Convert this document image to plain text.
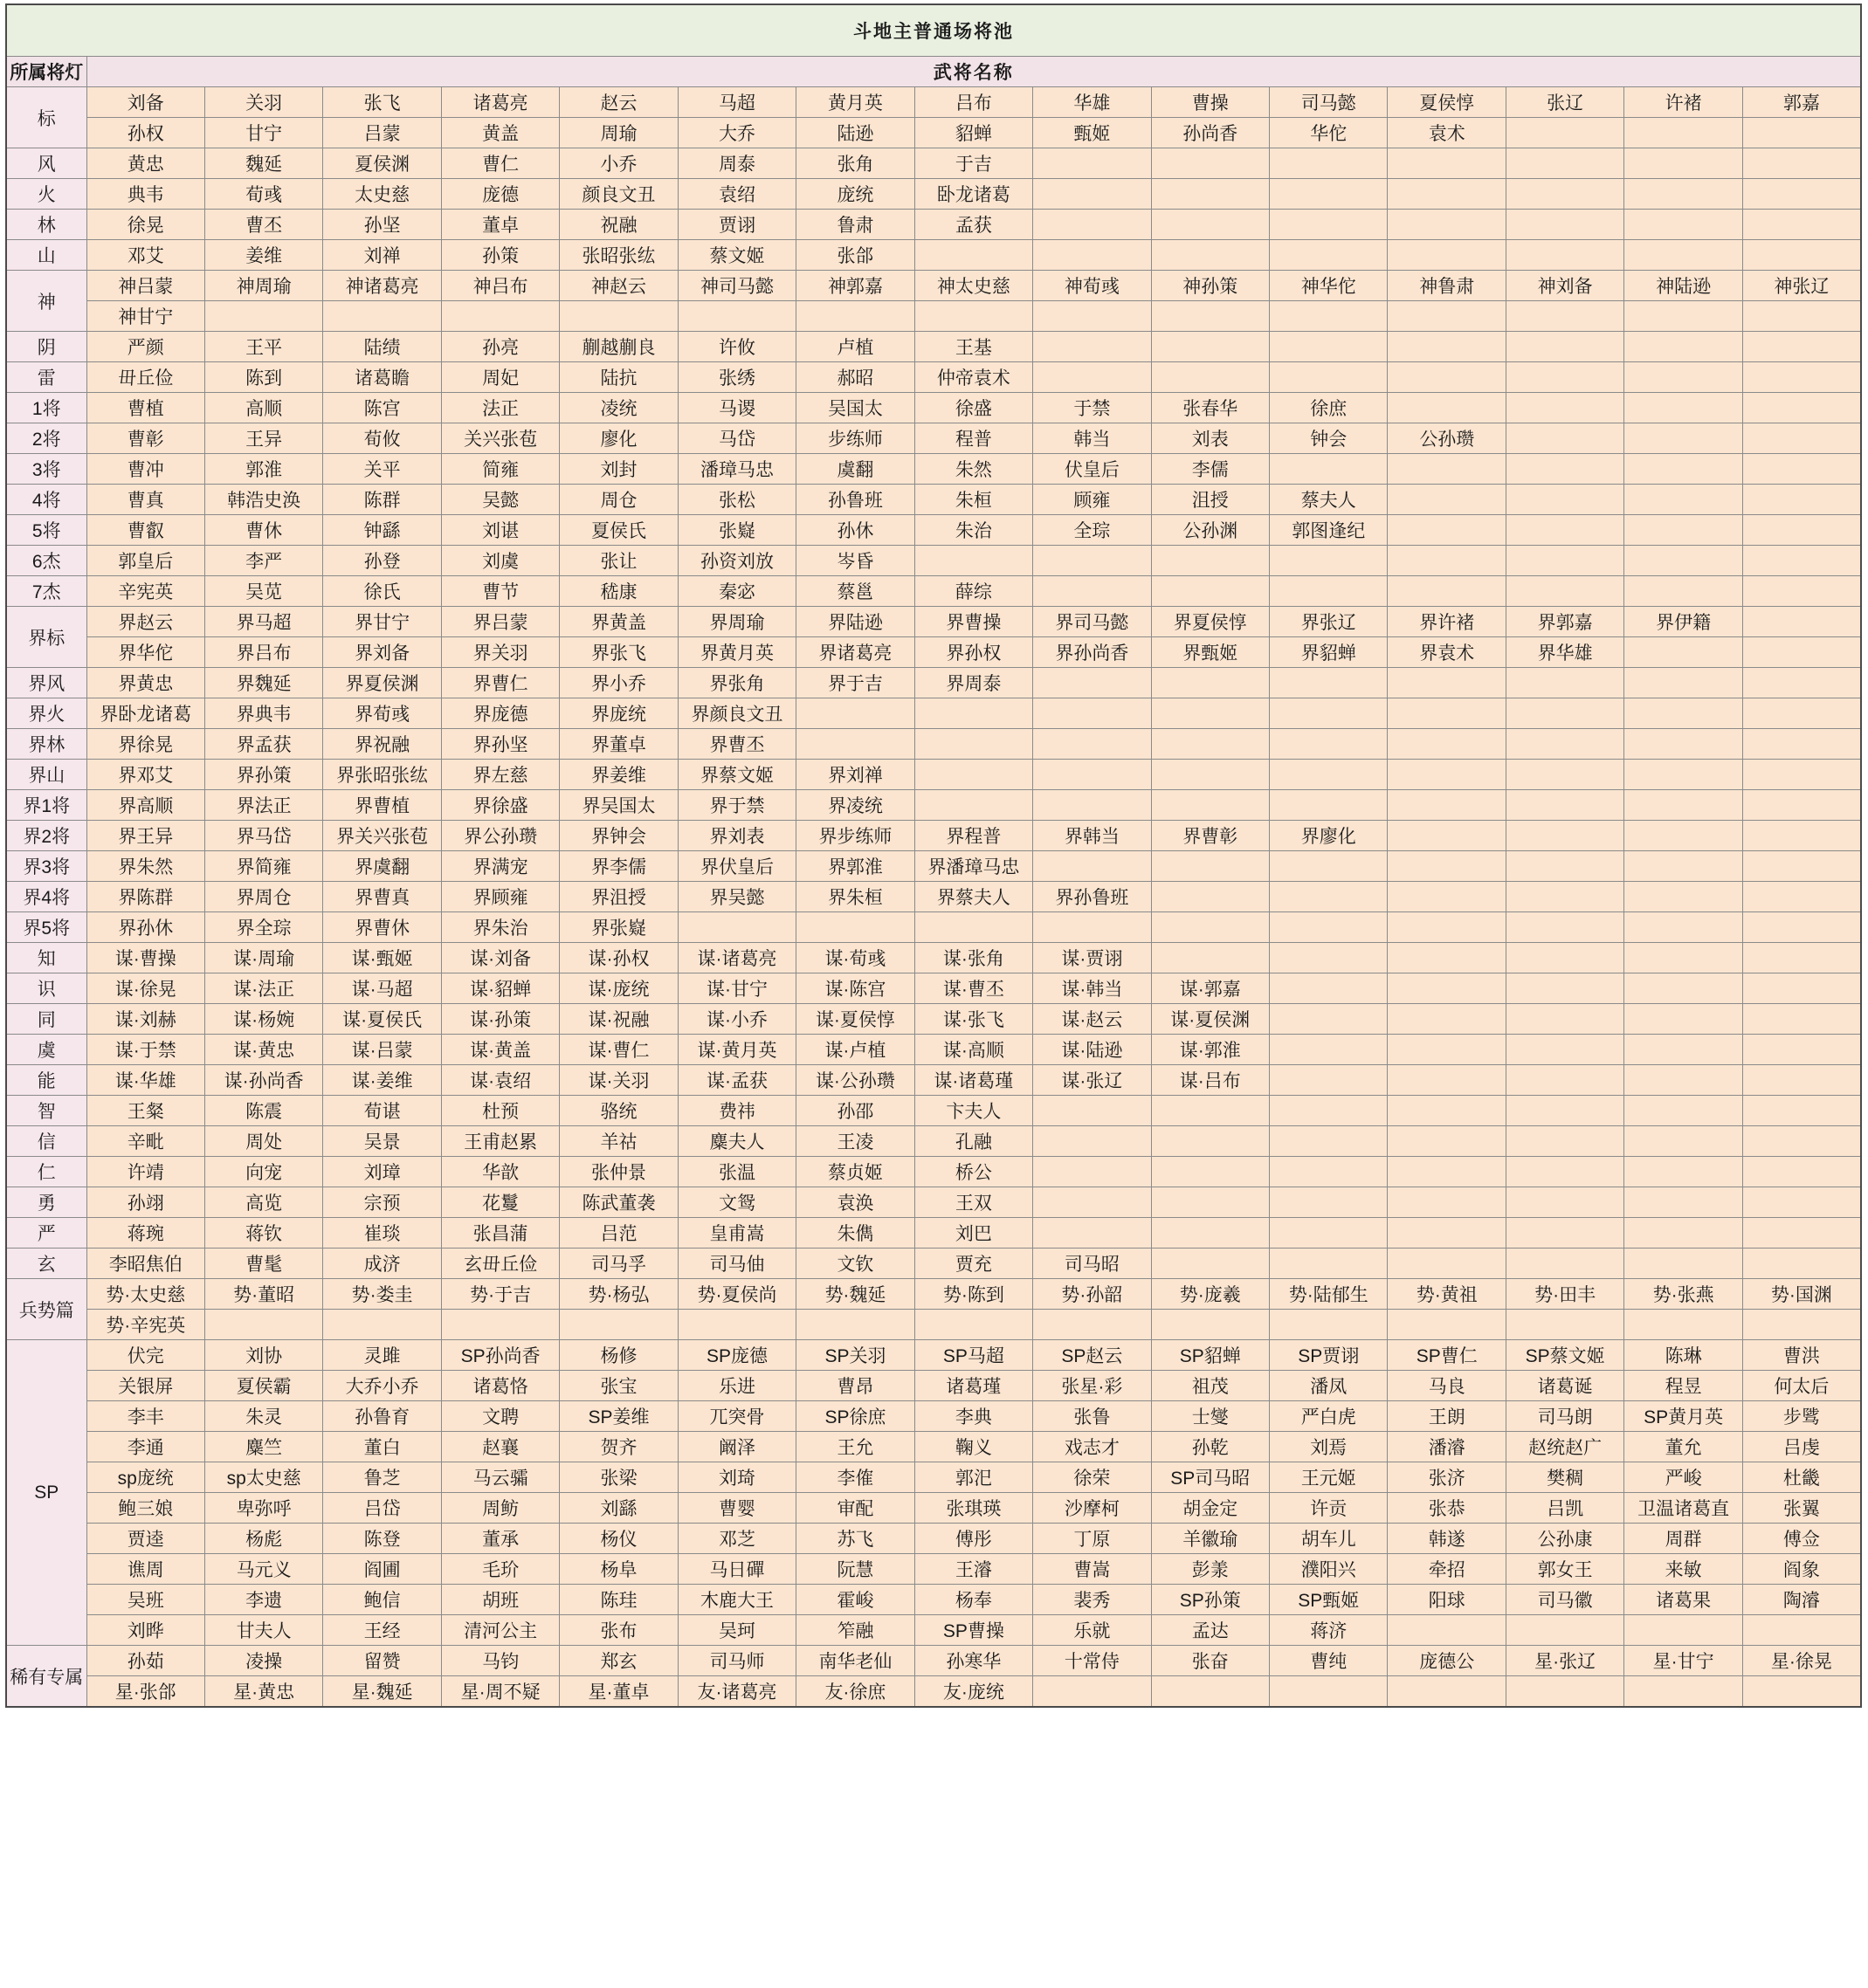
斗地主普通场将池															
所属将灯	武将名称														
标	刘备	关羽	张飞	诸葛亮	赵云	马超	黄月英	吕布	华雄	曹操	司马懿	夏侯惇	张辽	许褚	郭嘉
	孙权	甘宁	吕蒙	黄盖	周瑜	大乔	陆逊	貂蝉	甄姬	孙尚香	华佗	袁术			
风	黄忠	魏延	夏侯渊	曹仁	小乔	周泰	张角	于吉							
火	典韦	荀彧	太史慈	庞德	颜良文丑	袁绍	庞统	卧龙诸葛							
林	徐晃	曹丕	孙坚	董卓	祝融	贾诩	鲁肃	孟获							
山	邓艾	姜维	刘禅	孙策	张昭张纮	蔡文姬	张郃								
神	神吕蒙	神周瑜	神诸葛亮	神吕布	神赵云	神司马懿	神郭嘉	神太史慈	神荀彧	神孙策	神华佗	神鲁肃	神刘备	神陆逊	神张辽
	神甘宁														
阴	严颜	王平	陆绩	孙亮	蒯越蒯良	许攸	卢植	王基							
雷	毌丘俭	陈到	诸葛瞻	周妃	陆抗	张绣	郝昭	仲帝袁术							
1将	曹植	高顺	陈宫	法正	凌统	马谡	吴国太	徐盛	于禁	张春华	徐庶				
2将	曹彰	王异	荀攸	关兴张苞	廖化	马岱	步练师	程普	韩当	刘表	钟会	公孙瓒			
3将	曹冲	郭淮	关平	简雍	刘封	潘璋马忠	虞翻	朱然	伏皇后	李儒					
4将	曹真	韩浩史涣	陈群	吴懿	周仓	张松	孙鲁班	朱桓	顾雍	沮授	蔡夫人				
5将	曹叡	曹休	钟繇	刘谌	夏侯氏	张嶷	孙休	朱治	全琮	公孙渊	郭图逢纪				
6杰	郭皇后	李严	孙登	刘虞	张让	孙资刘放	岑昏								
7杰	辛宪英	吴苋	徐氏	曹节	嵇康	秦宓	蔡邕	薛综							
界标	界赵云	界马超	界甘宁	界吕蒙	界黄盖	界周瑜	界陆逊	界曹操	界司马懿	界夏侯惇	界张辽	界许褚	界郭嘉	界伊籍	
	界华佗	界吕布	界刘备	界关羽	界张飞	界黄月英	界诸葛亮	界孙权	界孙尚香	界甄姬	界貂蝉	界袁术	界华雄		
界风	界黄忠	界魏延	界夏侯渊	界曹仁	界小乔	界张角	界于吉	界周泰							
界火	界卧龙诸葛	界典韦	界荀彧	界庞德	界庞统	界颜良文丑									
界林	界徐晃	界孟获	界祝融	界孙坚	界董卓	界曹丕									
界山	界邓艾	界孙策	界张昭张纮	界左慈	界姜维	界蔡文姬	界刘禅								
界1将	界高顺	界法正	界曹植	界徐盛	界吴国太	界于禁	界凌统								
界2将	界王异	界马岱	界关兴张苞	界公孙瓒	界钟会	界刘表	界步练师	界程普	界韩当	界曹彰	界廖化				
界3将	界朱然	界简雍	界虞翻	界满宠	界李儒	界伏皇后	界郭淮	界潘璋马忠							
界4将	界陈群	界周仓	界曹真	界顾雍	界沮授	界吴懿	界朱桓	界蔡夫人	界孙鲁班						
界5将	界孙休	界全琮	界曹休	界朱治	界张嶷										
知	谋·曹操	谋·周瑜	谋·甄姬	谋·刘备	谋·孙权	谋·诸葛亮	谋·荀彧	谋·张角	谋·贾诩						
识	谋·徐晃	谋·法正	谋·马超	谋·貂蝉	谋·庞统	谋·甘宁	谋·陈宫	谋·曹丕	谋·韩当	谋·郭嘉					
同	谋·刘赫	谋·杨婉	谋·夏侯氏	谋·孙策	谋·祝融	谋·小乔	谋·夏侯惇	谋·张飞	谋·赵云	谋·夏侯渊					
虞	谋·于禁	谋·黄忠	谋·吕蒙	谋·黄盖	谋·曹仁	谋·黄月英	谋·卢植	谋·高顺	谋·陆逊	谋·郭淮					
能	谋·华雄	谋·孙尚香	谋·姜维	谋·袁绍	谋·关羽	谋·孟获	谋·公孙瓒	谋·诸葛瑾	谋·张辽	谋·吕布					
智	王粲	陈震	荀谌	杜预	骆统	费祎	孙邵	卞夫人							
信	辛毗	周处	吴景	王甫赵累	羊祜	麋夫人	王凌	孔融							
仁	许靖	向宠	刘璋	华歆	张仲景	张温	蔡贞姬	桥公							
勇	孙翊	高览	宗预	花鬘	陈武董袭	文鸳	袁涣	王双							
严	蒋琬	蒋钦	崔琰	张昌蒲	吕范	皇甫嵩	朱儁	刘巴							
玄	李昭焦伯	曹髦	成济	玄毌丘俭	司马孚	司马伷	文钦	贾充	司马昭						
兵势篇	势·太史慈	势·董昭	势·娄圭	势·于吉	势·杨弘	势·夏侯尚	势·魏延	势·陈到	势·孙韶	势·庞羲	势·陆郁生	势·黄祖	势·田丰	势·张燕	势·国渊
	势·辛宪英														
SP	伏完	刘协	灵雎	SP孙尚香	杨修	SP庞德	SP关羽	SP马超	SP赵云	SP貂蝉	SP贾诩	SP曹仁	SP蔡文姬	陈琳	曹洪
	关银屏	夏侯霸	大乔小乔	诸葛恪	张宝	乐进	曹昂	诸葛瑾	张星·彩	祖茂	潘凤	马良	诸葛诞	程昱	何太后
	李丰	朱灵	孙鲁育	文聘	SP姜维	兀突骨	SP徐庶	李典	张鲁	士燮	严白虎	王朗	司马朗	SP黄月英	步骘
	李通	麋竺	董白	赵襄	贺齐	阚泽	王允	鞠义	戏志才	孙乾	刘焉	潘濬	赵统赵广	董允	吕虔
	sp庞统	sp太史慈	鲁芝	马云骦	张梁	刘琦	李傕	郭汜	徐荣	SP司马昭	王元姬	张济	樊稠	严峻	杜畿
	鲍三娘	卑弥呼	吕岱	周鲂	刘繇	曹婴	审配	张琪瑛	沙摩柯	胡金定	许贡	张恭	吕凯	卫温诸葛直	张翼
	贾逵	杨彪	陈登	董承	杨仪	邓芝	苏飞	傅彤	丁原	羊徽瑜	胡车儿	韩遂	公孙康	周群	傅佥
	谯周	马元义	阎圃	毛玠	杨阜	马日磾	阮慧	王濬	曹嵩	彭羕	濮阳兴	牵招	郭女王	来敏	阎象
	吴班	李遗	鲍信	胡班	陈珪	木鹿大王	霍峻	杨奉	裴秀	SP孙策	SP甄姬	阳球	司马徽	诸葛果	陶濬
	刘晔	甘夫人	王经	清河公主	张布	吴珂	笮融	SP曹操	乐就	孟达	蒋济				
稀有专属	孙茹	凌操	留赞	马钧	郑玄	司马师	南华老仙	孙寒华	十常侍	张奋	曹纯	庞德公	星·张辽	星·甘宁	星·徐晃
	星·张郃	星·黄忠	星·魏延	星·周不疑	星·董卓	友·诸葛亮	友·徐庶	友·庞统							
